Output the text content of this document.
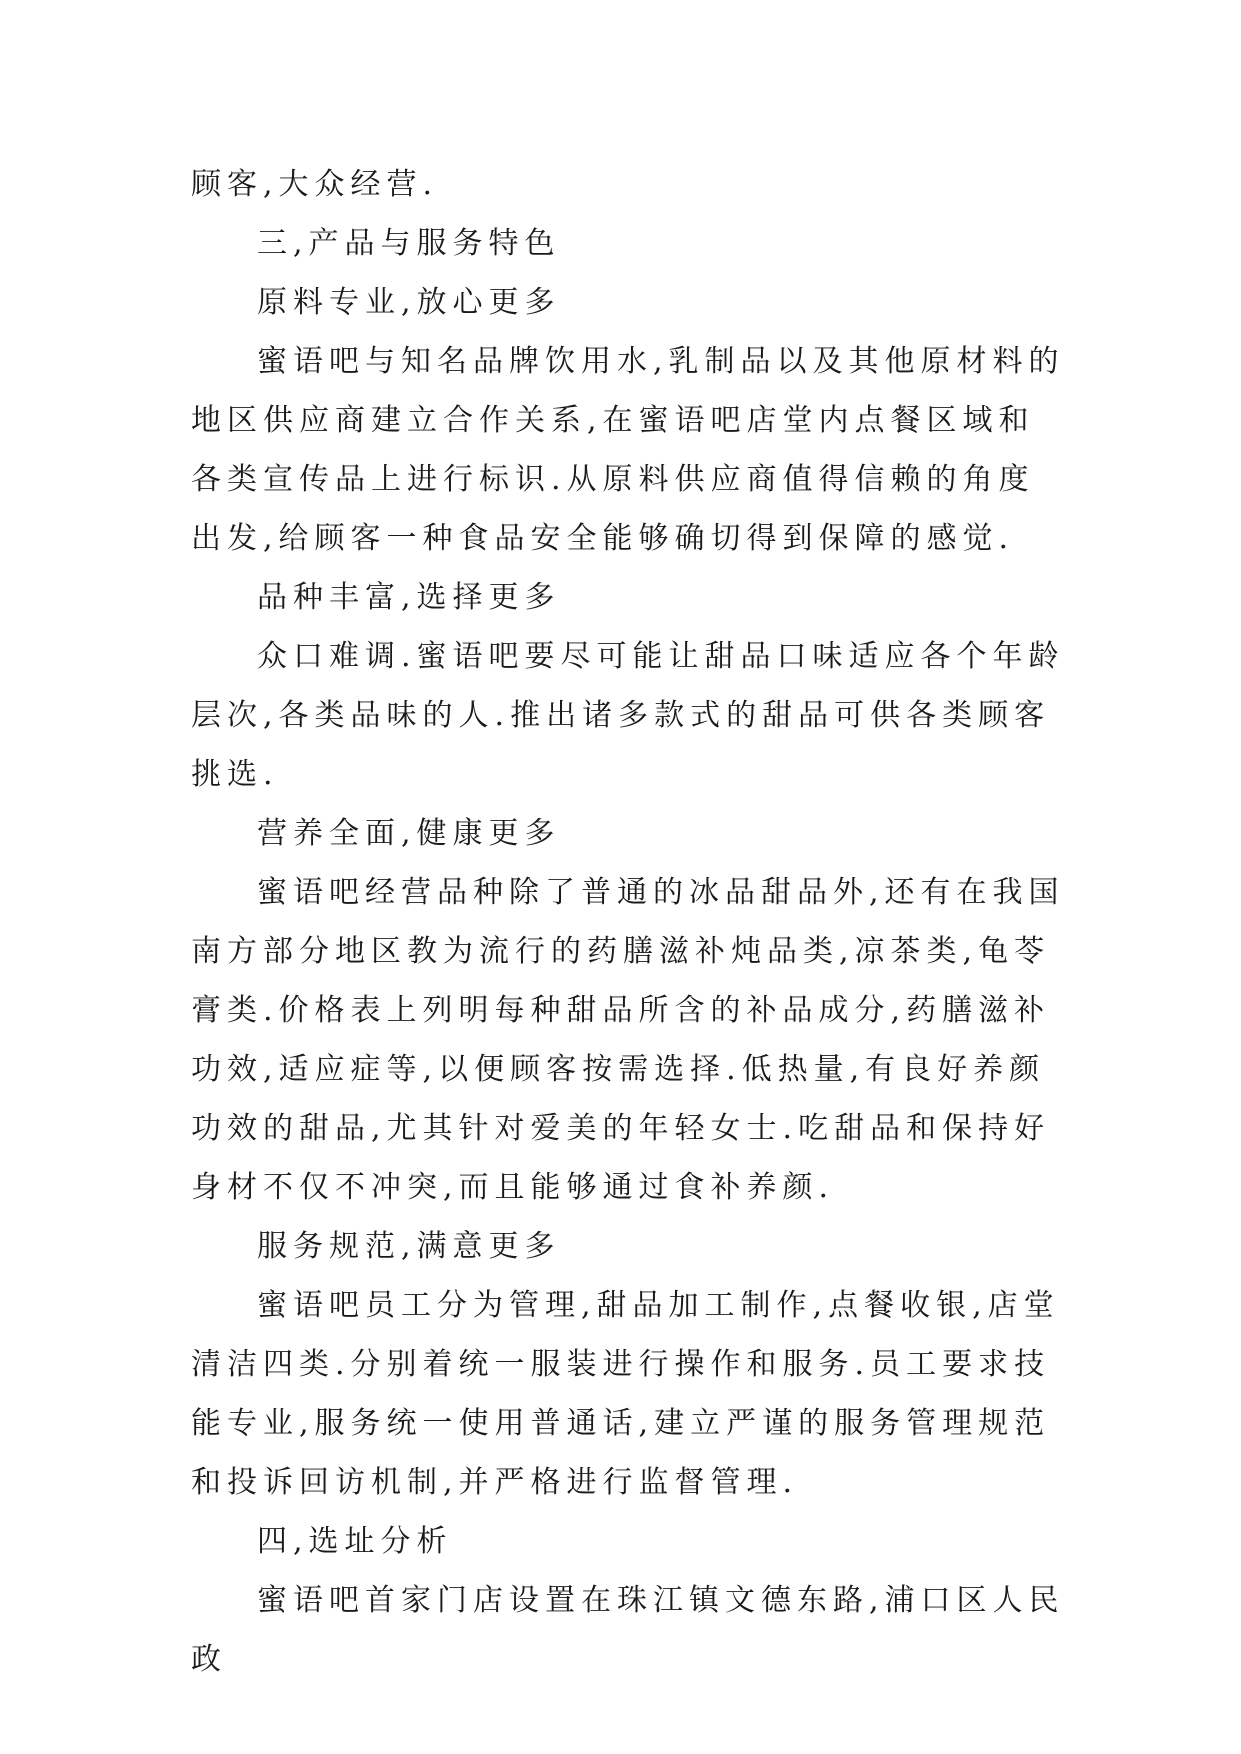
顾客,大众经营.

三,产品与服务特色

原料专业,放心更多

蜜语吧与知名品牌饮用水,乳制品以及其他原材料的地区供应商建立合作关系,在蜜语吧店堂内点餐区域和各类宣传品上进行标识.从原料供应商值得信赖的角度出发,给顾客一种食品安全能够确切得到保障的感觉.

品种丰富,选择更多

众口难调.蜜语吧要尽可能让甜品口味适应各个年龄层次,各类品味的人.推出诸多款式的甜品可供各类顾客挑选.

营养全面,健康更多

蜜语吧经营品种除了普通的冰品甜品外,还有在我国南方部分地区教为流行的药膳滋补炖品类,凉茶类,龟苓膏类.价格表上列明每种甜品所含的补品成分,药膳滋补功效,适应症等,以便顾客按需选择.低热量,有良好养颜功效的甜品,尤其针对爱美的年轻女士.吃甜品和保持好身材不仅不冲突,而且能够通过食补养颜.

服务规范,满意更多

蜜语吧员工分为管理,甜品加工制作,点餐收银,店堂清洁四类.分别着统一服装进行操作和服务.员工要求技能专业,服务统一使用普通话,建立严谨的服务管理规范和投诉回访机制,并严格进行监督管理.

四,选址分析

蜜语吧首家门店设置在珠江镇文德东路,浦口区人民政
